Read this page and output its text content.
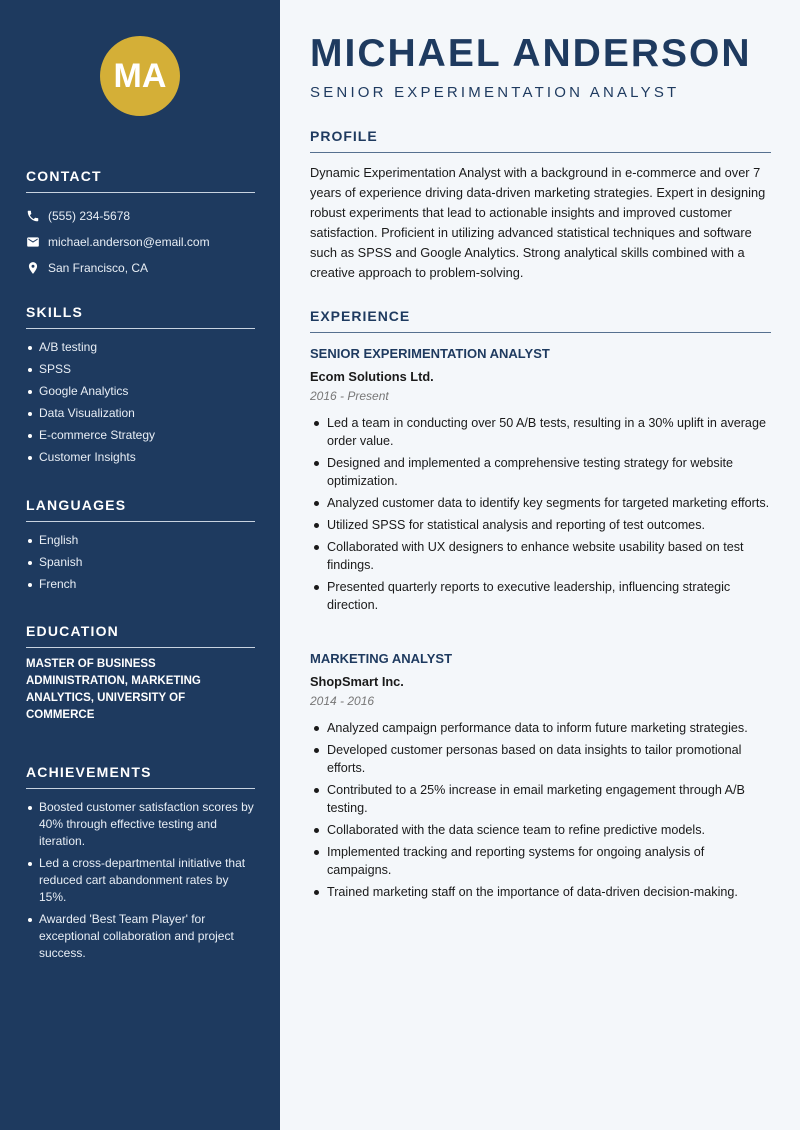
MA
CONTACT
(555) 234-5678
michael.anderson@email.com
San Francisco, CA
SKILLS
A/B testing
SPSS
Google Analytics
Data Visualization
E-commerce Strategy
Customer Insights
LANGUAGES
English
Spanish
French
EDUCATION
MASTER OF BUSINESS ADMINISTRATION, MARKETING ANALYTICS, UNIVERSITY OF COMMERCE
ACHIEVEMENTS
Boosted customer satisfaction scores by 40% through effective testing and iteration.
Led a cross-departmental initiative that reduced cart abandonment rates by 15%.
Awarded 'Best Team Player' for exceptional collaboration and project success.
MICHAEL ANDERSON
SENIOR EXPERIMENTATION ANALYST
PROFILE
Dynamic Experimentation Analyst with a background in e-commerce and over 7 years of experience driving data-driven marketing strategies. Expert in designing robust experiments that lead to actionable insights and improved customer satisfaction. Proficient in utilizing advanced statistical techniques and software such as SPSS and Google Analytics. Strong analytical skills combined with a creative approach to problem-solving.
EXPERIENCE
SENIOR EXPERIMENTATION ANALYST
Ecom Solutions Ltd.
2016 - Present
Led a team in conducting over 50 A/B tests, resulting in a 30% uplift in average order value.
Designed and implemented a comprehensive testing strategy for website optimization.
Analyzed customer data to identify key segments for targeted marketing efforts.
Utilized SPSS for statistical analysis and reporting of test outcomes.
Collaborated with UX designers to enhance website usability based on test findings.
Presented quarterly reports to executive leadership, influencing strategic direction.
MARKETING ANALYST
ShopSmart Inc.
2014 - 2016
Analyzed campaign performance data to inform future marketing strategies.
Developed customer personas based on data insights to tailor promotional efforts.
Contributed to a 25% increase in email marketing engagement through A/B testing.
Collaborated with the data science team to refine predictive models.
Implemented tracking and reporting systems for ongoing analysis of campaigns.
Trained marketing staff on the importance of data-driven decision-making.
